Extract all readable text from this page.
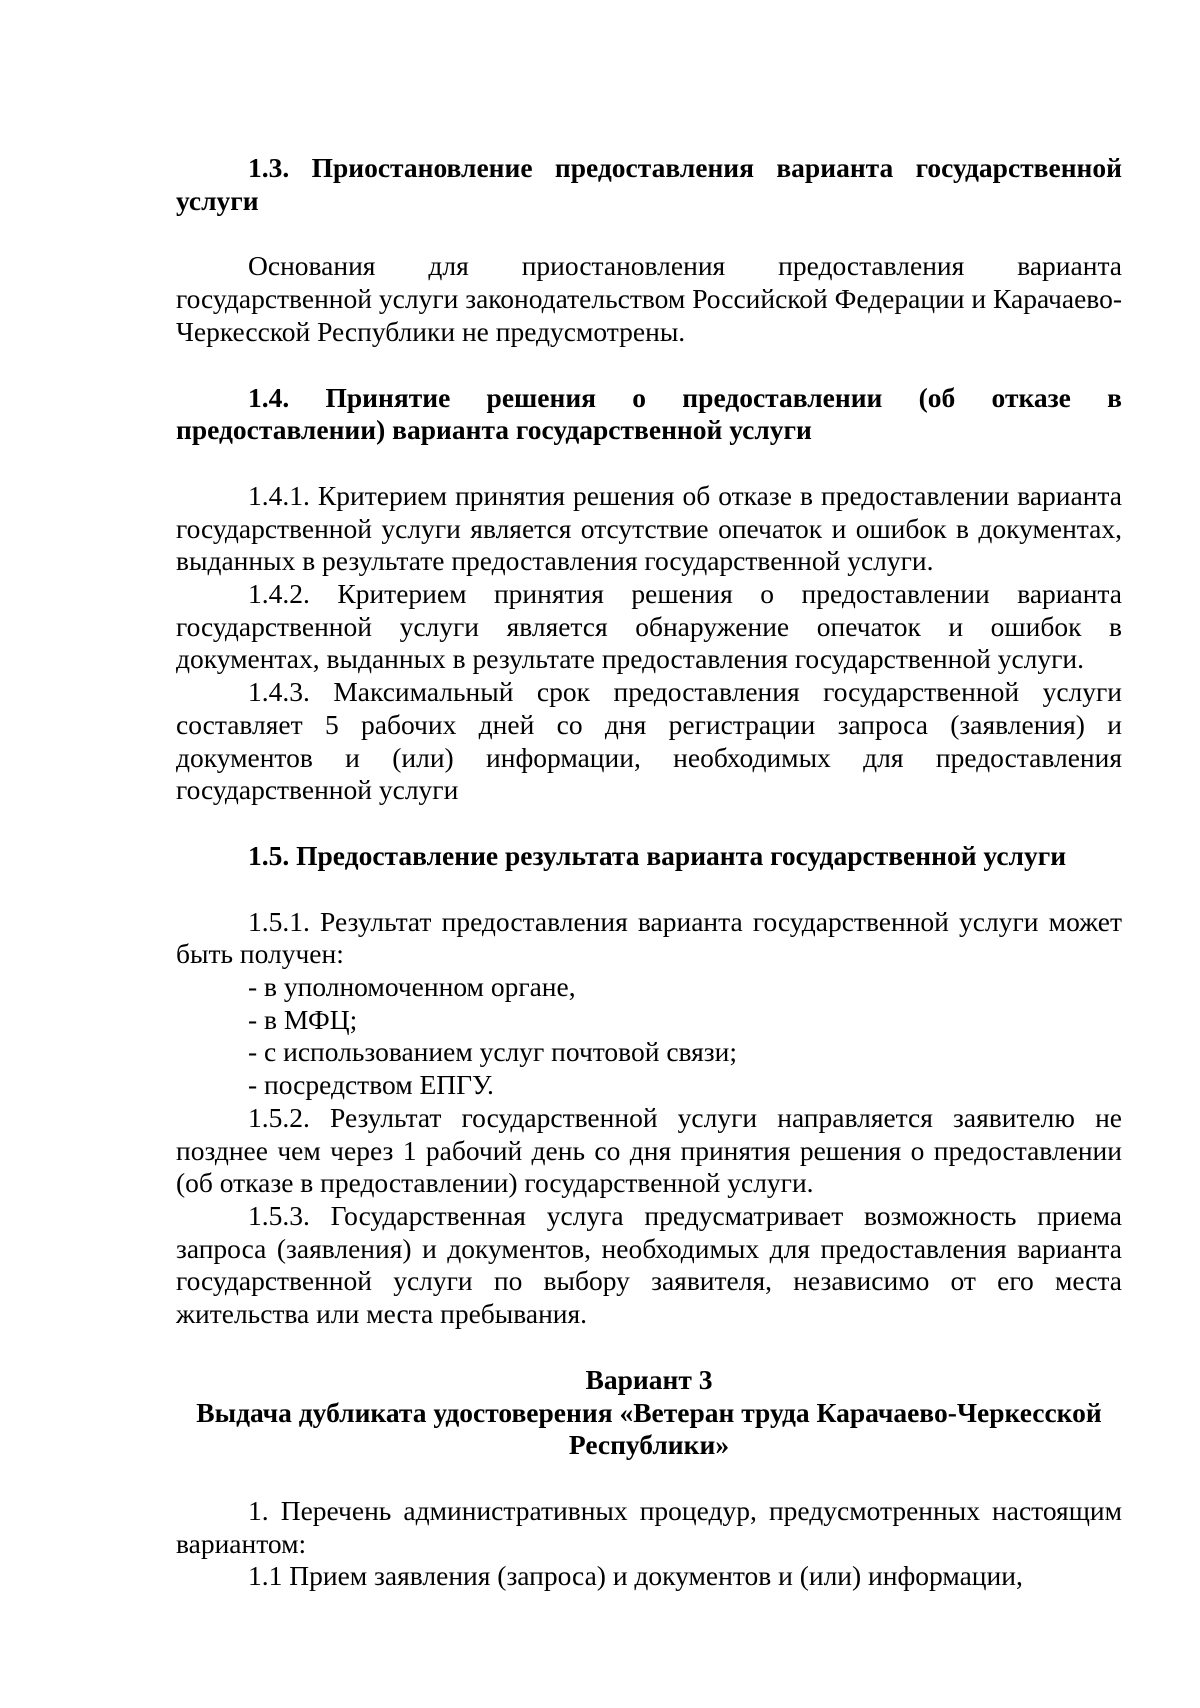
1.3. Приостановление предоставления варианта государственной услуги

Основания для приостановления предоставления варианта государственной услуги законодательством Российской Федерации и Карачаево-Черкесской Республики не предусмотрены.

1.4. Принятие решения о предоставлении (об отказе в предоставлении) варианта государственной услуги

1.4.1. Критерием принятия решения об отказе в предоставлении варианта государственной услуги является отсутствие опечаток и ошибок в документах, выданных в результате предоставления государственной услуги.

1.4.2. Критерием принятия решения о предоставлении варианта государственной услуги является обнаружение опечаток и ошибок в документах, выданных в результате предоставления государственной услуги.

1.4.3. Максимальный срок предоставления государственной услуги составляет 5 рабочих дней со дня регистрации запроса (заявления) и документов и (или) информации, необходимых для предоставления государственной услуги

1.5. Предоставление результата варианта государственной услуги

1.5.1. Результат предоставления варианта государственной услуги может быть получен:

- в уполномоченном органе,

- в МФЦ;

- с использованием услуг почтовой связи;

- посредством ЕПГУ.

1.5.2. Результат государственной услуги направляется заявителю не позднее чем через 1 рабочий день со дня принятия решения о предоставлении (об отказе в предоставлении) государственной услуги.

1.5.3. Государственная услуга предусматривает возможность приема запроса (заявления) и документов, необходимых для предоставления варианта государственной услуги по выбору заявителя, независимо от его места жительства или места пребывания.

Вариант 3

Выдача дубликата удостоверения «Ветеран труда Карачаево-Черкесской Республики»

1. Перечень административных процедур, предусмотренных настоящим вариантом:

1.1 Прием заявления (запроса) и документов и (или) информации,
